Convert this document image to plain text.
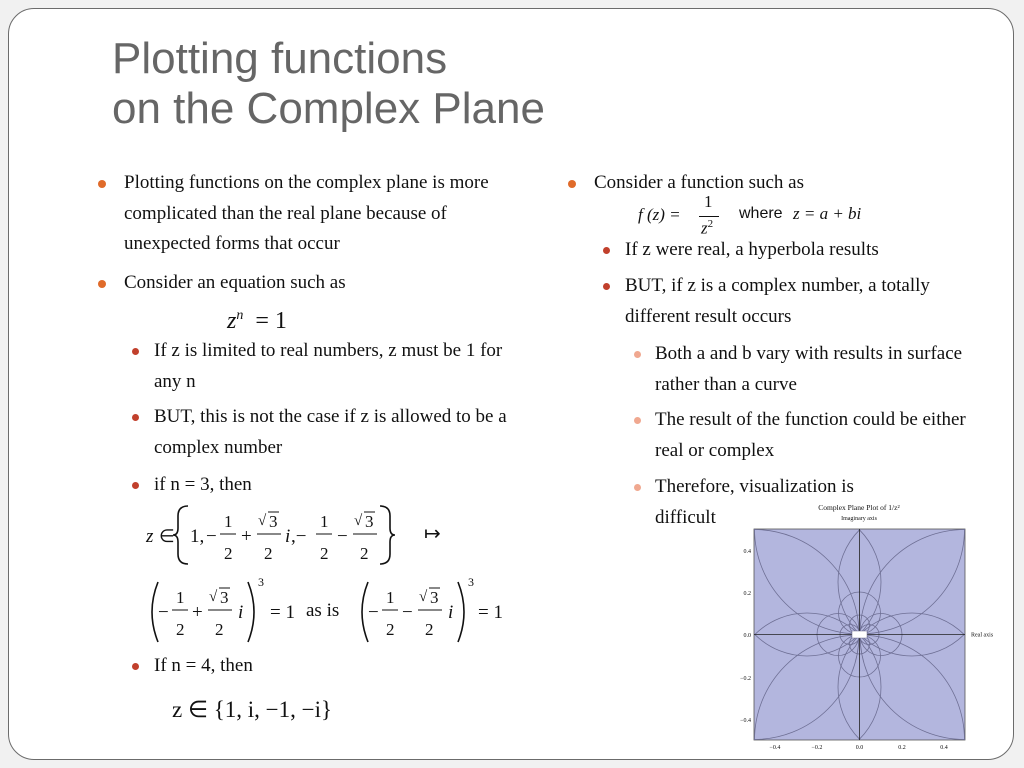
Plotting functions
on the Complex Plane
Plotting functions on the complex plane is more complicated than the real plane because of unexpected forms that occur
Consider an equation such as
$z^n = 1$
If z is limited to real numbers, z must be 1 for any n
BUT, this is not the case if z is allowed to be a complex number
if n = 3, then
z ∈ 1, −
1
2
+
√ 3
2
i ,−
1
2
−
√ 3
2
↦
−
1
2
+
√ 3
2
i
3
= 1	−
1
2
−
√ 3
2
i
3
= 1
as is
If n = 4, then
z ∈ {1, i, −1, −i}
Consider a function such as
f (z) =
1
$z^2$
where z = a + bi
If z were real, a hyperbola results
BUT, if z is a complex number, a totally different result occurs
Both a and b vary with results in surface rather than a curve
The result of the function could be either real or complex
Therefore, visualization is difficult	Complex Plane Plot of 1/z²
Imaginary axis
Real axis
−0.4	−0.2	0.0	0.2	0.4
0.4
0.2
0.0
−0.2
−0.4
